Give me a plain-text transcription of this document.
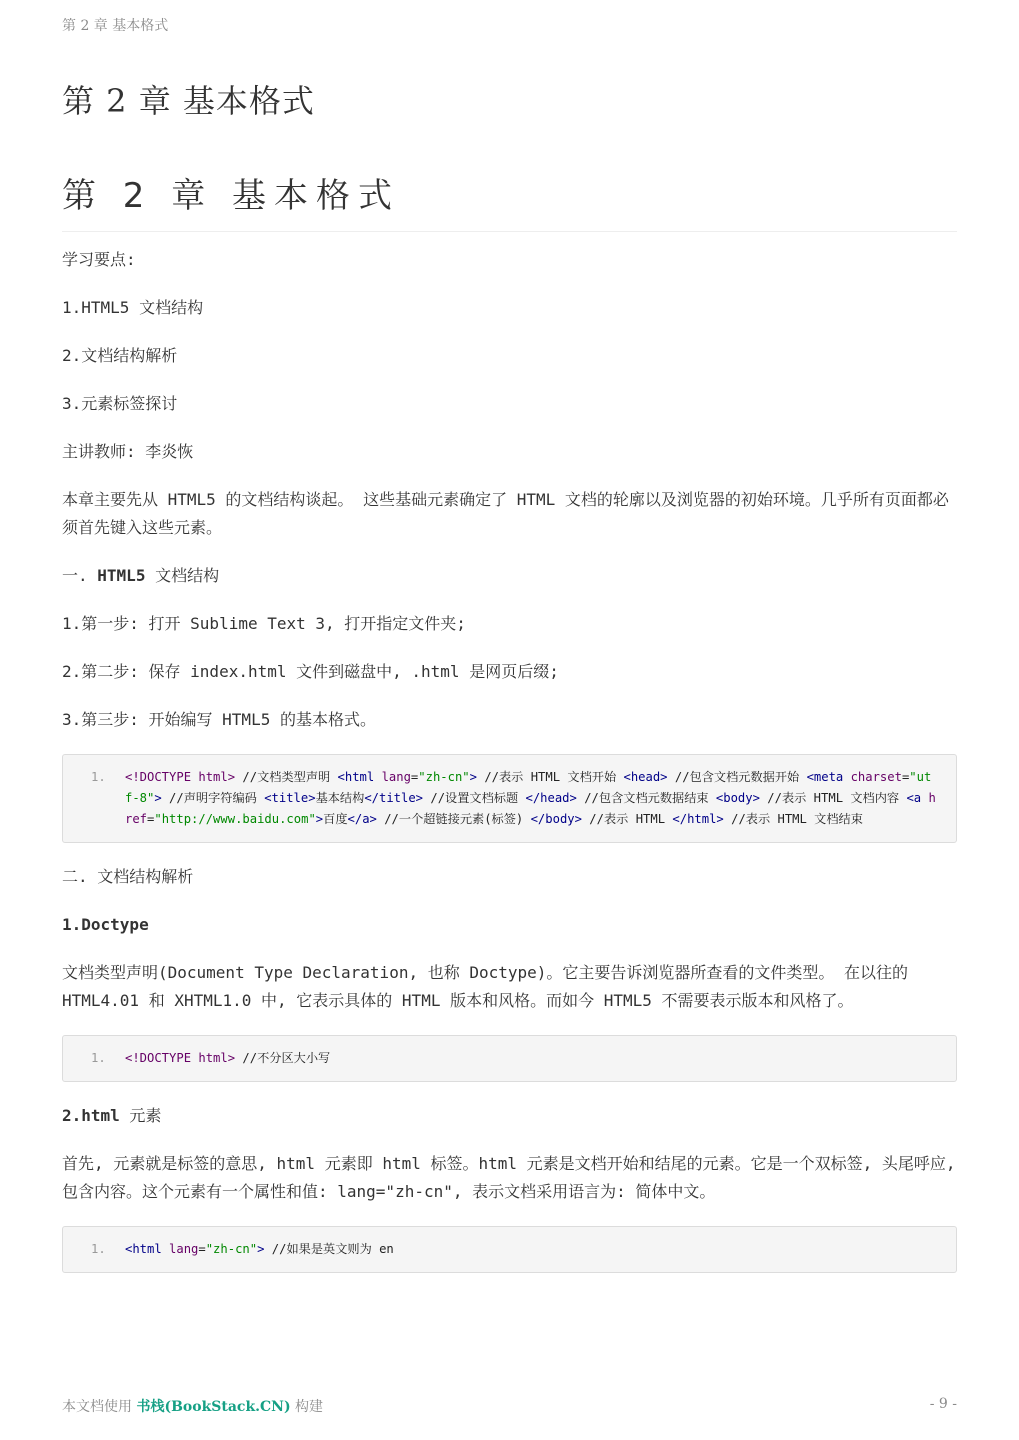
第 2 章 基本格式
第 2 章 基本格式
第 2 章 基本格式

学习要点:

1.HTML5 文档结构

2.文档结构解析

3.元素标签探讨

主讲教师: 李炎恢

本章主要先从 HTML5 的文档结构谈起。 这些基础元素确定了 HTML 文档的轮廓以及浏览器的初始环境。几乎所有页面都必须首先键入这些元素。

一. HTML5 文档结构

1.第一步: 打开 Sublime Text 3, 打开指定文件夹;

2.第二步: 保存 index.html 文件到磁盘中, .html 是网页后缀;

3.第三步: 开始编写 HTML5 的基本格式。

1.	<!DOCTYPE html> //文档类型声明 <html lang="zh-cn"> //表示 HTML 文档开始 <head> //包含文档元数据开始 <meta charset="utf-8"> //声明字符编码 <title>基本结构</title> //设置文档标题 </head> //包含文档元数据结束 <body> //表示 HTML 文档内容 <a href="http://www.baidu.com">百度</a> //一个超链接元素(标签) </body> //表示 HTML </html> //表示 HTML 文档结束

二. 文档结构解析

1.Doctype

文档类型声明(Document Type Declaration, 也称 Doctype)。它主要告诉浏览器所查看的文件类型。 在以往的 HTML4.01 和 XHTML1.0 中, 它表示具体的 HTML 版本和风格。而如今 HTML5 不需要表示版本和风格了。

1.	<!DOCTYPE html> //不分区大小写

2.html 元素

首先, 元素就是标签的意思, html 元素即 html 标签。html 元素是文档开始和结尾的元素。它是一个双标签, 头尾呼应, 包含内容。这个元素有一个属性和值: lang="zh-cn", 表示文档采用语言为: 简体中文。

1.	<html lang="zh-cn"> //如果是英文则为 en
本文档使用 书栈(BookStack.CN) 构建	- 9 -
